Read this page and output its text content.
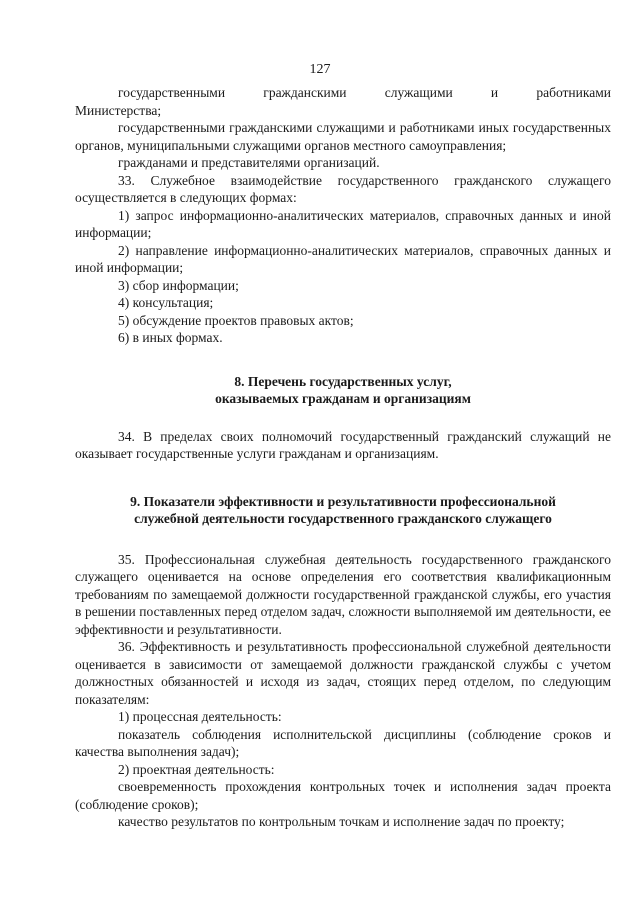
127

государственными гражданскими служащими и работниками

Министерства;

государственными гражданскими служащими и работниками иных государственных органов, муниципальными служащими органов местного самоуправления;

гражданами и представителями организаций.

33. Служебное взаимодействие государственного гражданского служащего осуществляется в следующих формах:

1) запрос информационно-аналитических материалов, справочных данных и иной информации;

2) направление информационно-аналитических материалов, справочных данных и иной информации;

3) сбор информации;

4) консультация;

5) обсуждение проектов правовых актов;

6) в иных формах.

8. Перечень государственных услуг,
оказываемых гражданам и организациям

34. В пределах своих полномочий государственный гражданский служащий не оказывает государственные услуги гражданам и организациям.

9. Показатели эффективности и результативности профессиональной
служебной деятельности государственного гражданского служащего

35. Профессиональная служебная деятельность государственного гражданского служащего оценивается на основе определения его соответствия квалификационным требованиям по замещаемой должности государственной гражданской службы, его участия в решении поставленных перед отделом задач, сложности выполняемой им деятельности, ее эффективности и результативности.

36. Эффективность и результативность профессиональной служебной деятельности оценивается в зависимости от замещаемой должности гражданской службы с учетом должностных обязанностей и исходя из задач, стоящих перед отделом, по следующим показателям:

1) процессная деятельность:

показатель соблюдения исполнительской дисциплины (соблюдение сроков и качества выполнения задач);

2) проектная деятельность:

своевременность прохождения контрольных точек и исполнения задач проекта (соблюдение сроков);

качество результатов по контрольным точкам и исполнение задач по проекту;
